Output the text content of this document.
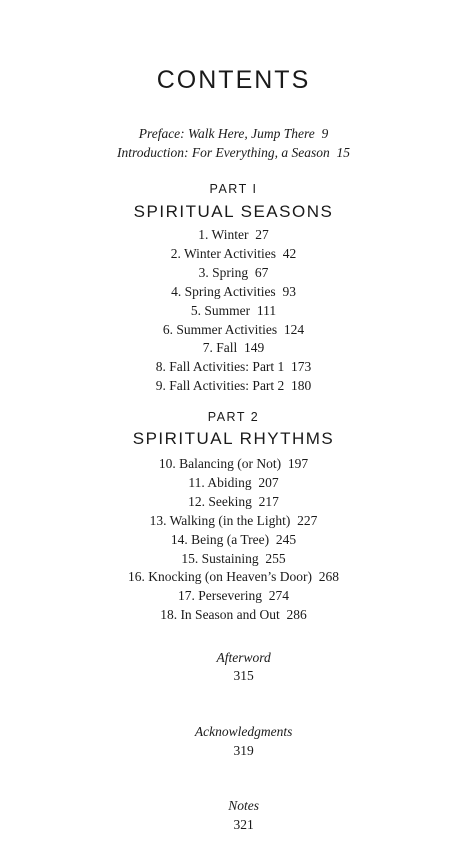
CONTENTS
Preface: Walk Here, Jump There  9
Introduction: For Everything, a Season  15
PART I
SPIRITUAL SEASONS
1. Winter  27
2. Winter Activities  42
3. Spring  67
4. Spring Activities  93
5. Summer  111
6. Summer Activities  124
7. Fall  149
8. Fall Activities: Part 1  173
9. Fall Activities: Part 2  180
PART 2
SPIRITUAL RHYTHMS
10. Balancing (or Not)  197
11. Abiding  207
12. Seeking  217
13. Walking (in the Light)  227
14. Being (a Tree)  245
15. Sustaining  255
16. Knocking (on Heaven’s Door)  268
17. Persevering  274
18. In Season and Out  286

Afterword
315

Acknowledgments
319

Notes
321
